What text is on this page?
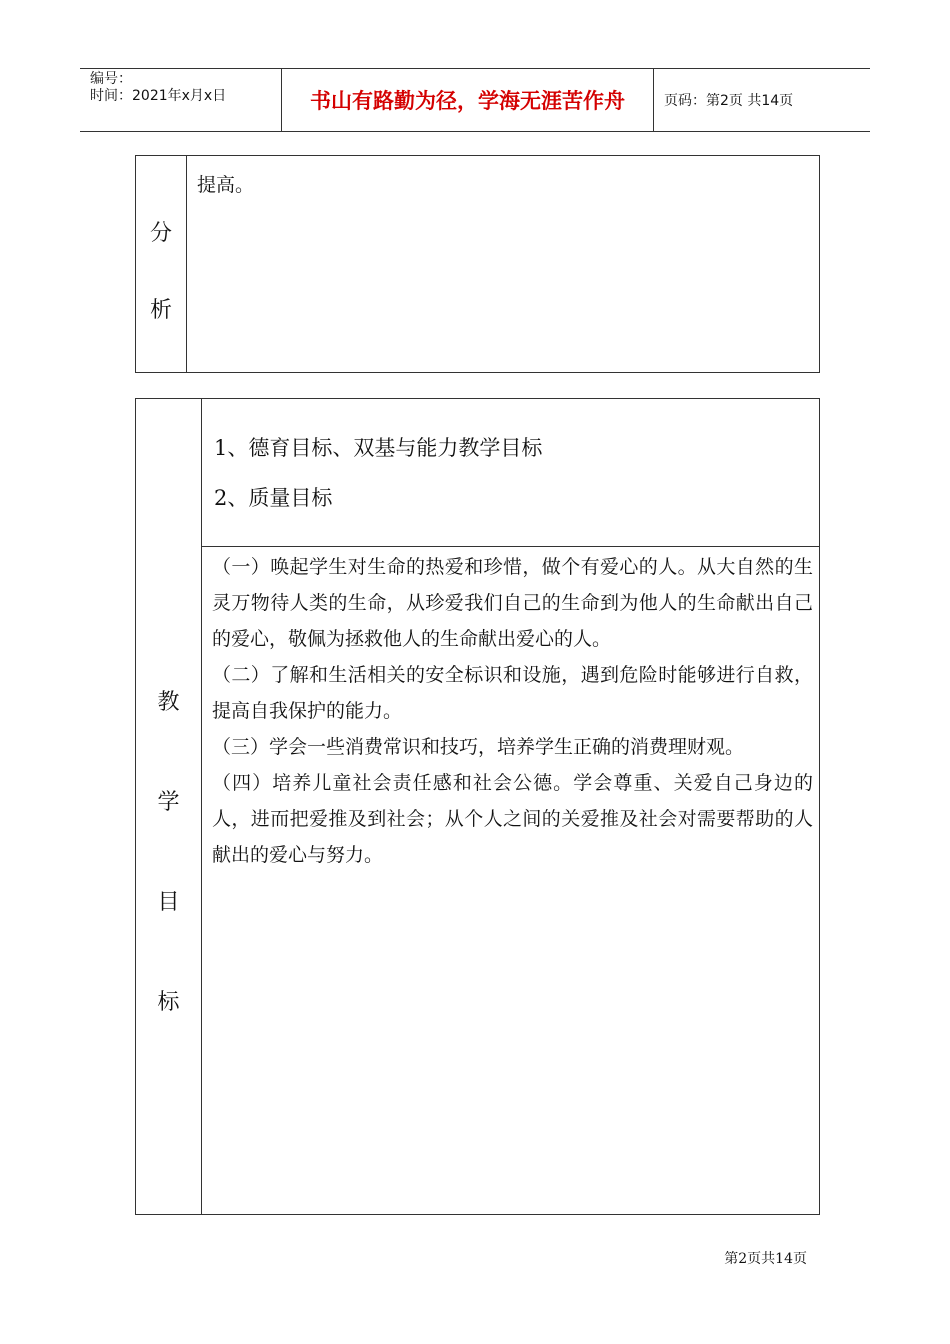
编号：
时间：2021年x月x日	书山有路勤为径，学海无涯苦作舟	页码：第2页 共14页
分
析

提高。
教
学
目
标

1、德育目标、双基与能力教学目标
2、质量目标

（一）唤起学生对生命的热爱和珍惜，做个有爱心的人。从大自然的生灵万物待人类的生命，从珍爱我们自己的生命到为他人的生命献出自己的爱心，敬佩为拯救他人的生命献出爱心的人。
（二）了解和生活相关的安全标识和设施，遇到危险时能够进行自救，提高自我保护的能力。
（三）学会一些消费常识和技巧，培养学生正确的消费理财观。
（四）培养儿童社会责任感和社会公德。学会尊重、关爱自己身边的人，进而把爱推及到社会；从个人之间的关爱推及社会对需要帮助的人献出的爱心与努力。
第2页共14页
